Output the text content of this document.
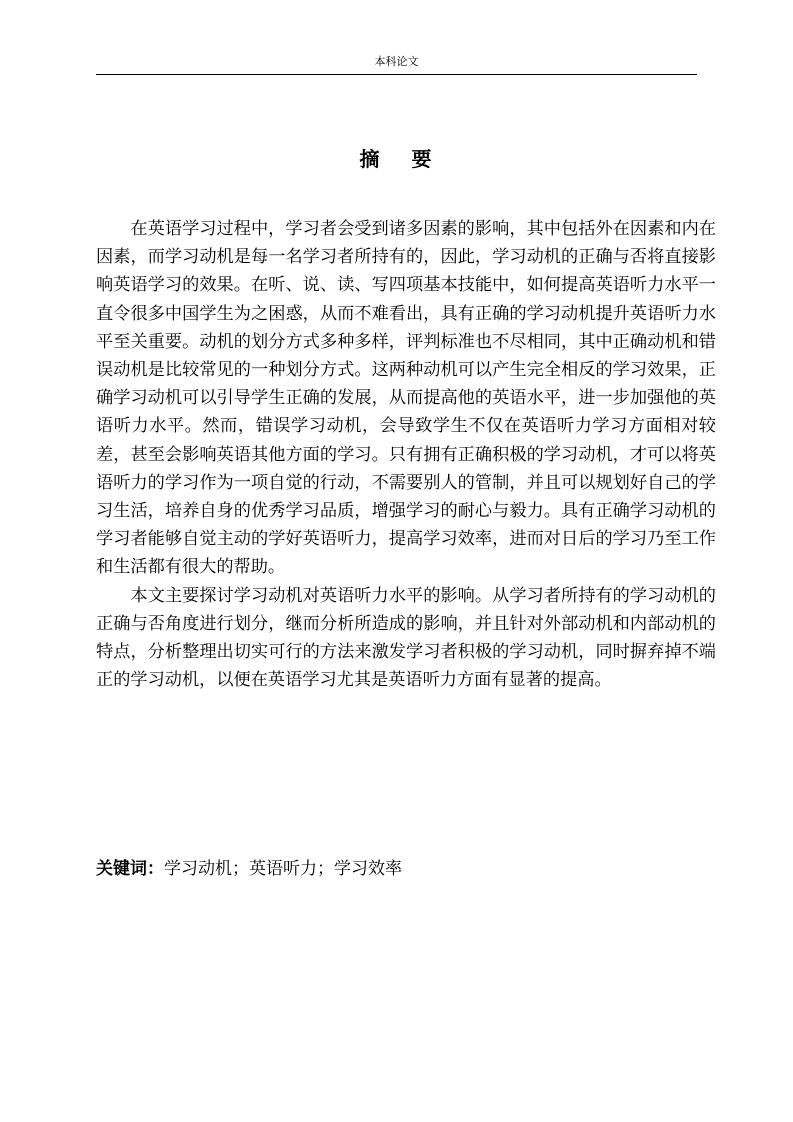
本科论文
摘 要

在英语学习过程中，学习者会受到诸多因素的影响，其中包括外在因素和内在因素，而学习动机是每一名学习者所持有的，因此，学习动机的正确与否将直接影响英语学习的效果。在听、说、读、写四项基本技能中，如何提高英语听力水平一直令很多中国学生为之困惑，从而不难看出，具有正确的学习动机提升英语听力水平至关重要。动机的划分方式多种多样，评判标准也不尽相同，其中正确动机和错误动机是比较常见的一种划分方式。这两种动机可以产生完全相反的学习效果，正确学习动机可以引导学生正确的发展，从而提高他的英语水平，进一步加强他的英语听力水平。然而，错误学习动机，会导致学生不仅在英语听力学习方面相对较差，甚至会影响英语其他方面的学习。只有拥有正确积极的学习动机，才可以将英语听力的学习作为一项自觉的行动，不需要别人的管制，并且可以规划好自己的学习生活，培养自身的优秀学习品质，增强学习的耐心与毅力。具有正确学习动机的学习者能够自觉主动的学好英语听力，提高学习效率，进而对日后的学习乃至工作和生活都有很大的帮助。

本文主要探讨学习动机对英语听力水平的影响。从学习者所持有的学习动机的正确与否角度进行划分，继而分析所造成的影响，并且针对外部动机和内部动机的特点，分析整理出切实可行的方法来激发学习者积极的学习动机，同时摒弃掉不端正的学习动机，以便在英语学习尤其是英语听力方面有显著的提高。

关键词：学习动机；英语听力；学习效率
